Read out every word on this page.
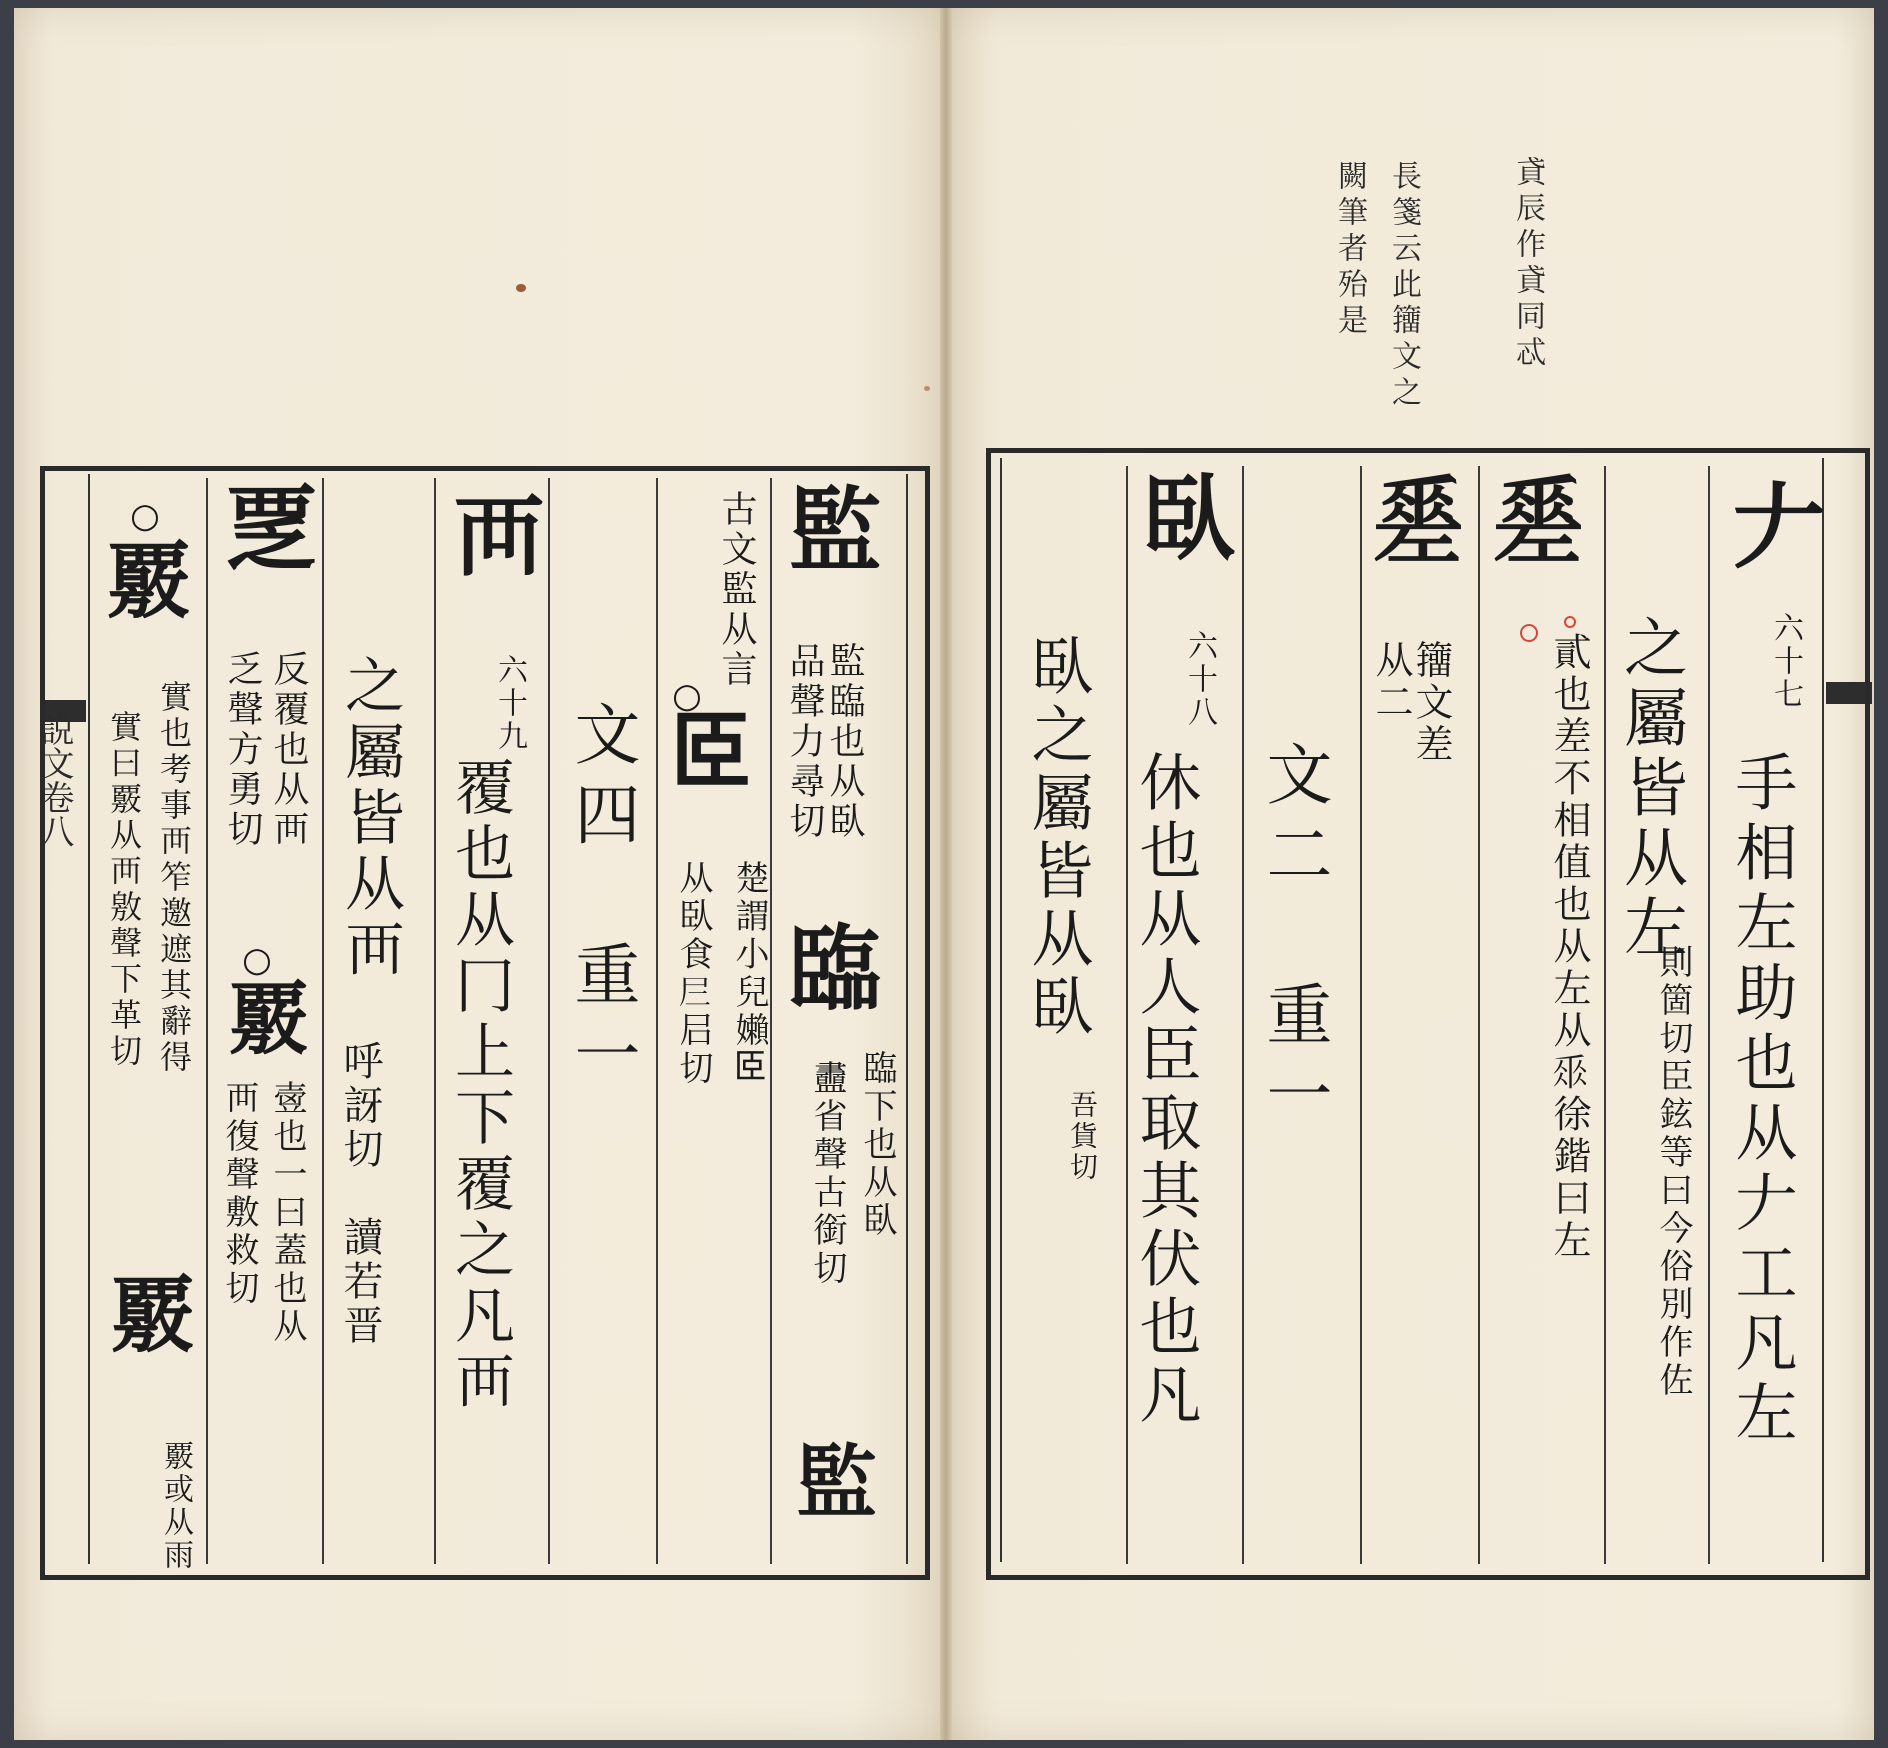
貣辰作貣同忒
長箋云此籒文之
闕筆者殆是
𠂇
六十七
手相左助也从𠂇工凡左
之屬皆从左
則箇切臣鉉等曰今俗別作佐
𢀩
貳也差不相值也从左从𠂹徐鍇曰左
𢀩
籒文差
从二
文二　重一
臥
六十八
休也从人臣取其伏也凡
臥之屬皆从臥
吾貨切
監
監臨也从臥
品聲力尋切
臨
臨下也从臥
䀌省聲古銜切
監
古文監从言
○
𦣞
楚謂小兒嬾𦣞
从臥食𡰥𡰪切
文四　重一
襾
六十九
覆也从冂上下覆之凡襾
之屬皆从襾
呼訝切　讀若晋
覂
反覆也从襾
乏聲方勇切
○
覈
㚃也一曰蓋也从
襾復聲敷救切
○
覈
實也考事襾笮邀遮其辭得
實曰覈从襾敫聲下革切
覈
覈或从雨
説文卷八
